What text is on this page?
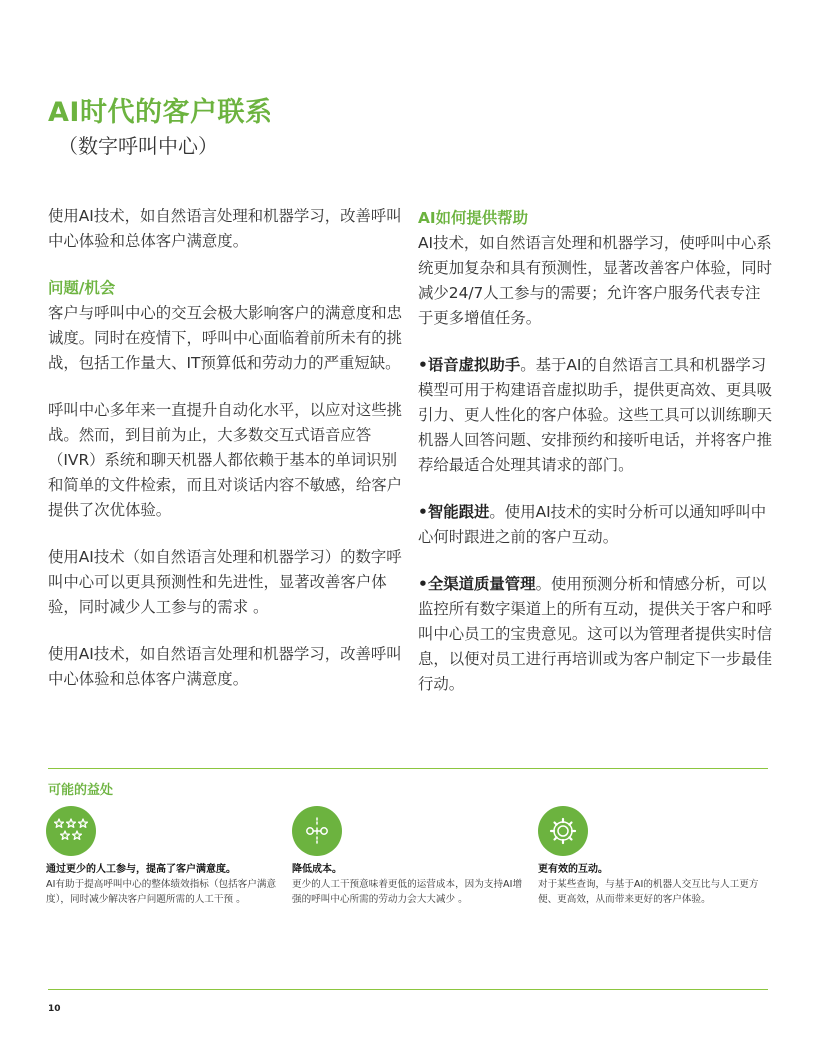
AI时代的客户联系

（数字呼叫中心）

使用AI技术，如自然语言处理和机器学习，改善呼叫中心体验和总体客户满意度。

问题/机会

客户与呼叫中心的交互会极大影响客户的满意度和忠诚度。同时在疫情下，呼叫中心面临着前所未有的挑战，包括工作量大、IT预算低和劳动力的严重短缺。

呼叫中心多年来一直提升自动化水平，以应对这些挑战。然而，到目前为止，大多数交互式语音应答（IVR）系统和聊天机器人都依赖于基本的单词识别和简单的文件检索，而且对谈话内容不敏感，给客户提供了次优体验。

使用AI技术（如自然语言处理和机器学习）的数字呼叫中心可以更具预测性和先进性，显著改善客户体验，同时减少人工参与的需求 。

使用AI技术，如自然语言处理和机器学习，改善呼叫中心体验和总体客户满意度。

AI如何提供帮助

AI技术，如自然语言处理和机器学习，使呼叫中心系统更加复杂和具有预测性，显著改善客户体验，同时减少24/7人工参与的需要；允许客户服务代表专注于更多增值任务。

•语音虚拟助手。基于AI的自然语言工具和机器学习模型可用于构建语音虚拟助手，提供更高效、更具吸引力、更人性化的客户体验。这些工具可以训练聊天机器人回答问题、安排预约和接听电话，并将客户推荐给最适合处理其请求的部门。

•智能跟进。使用AI技术的实时分析可以通知呼叫中心何时跟进之前的客户互动。

•全渠道质量管理。使用预测分析和情感分析，可以监控所有数字渠道上的所有互动，提供关于客户和呼叫中心员工的宝贵意见。这可以为管理者提供实时信息，以便对员工进行再培训或为客户制定下一步最佳行动。

可能的益处

通过更少的人工参与，提高了客户满意度。

AI有助于提高呼叫中心的整体绩效指标（包括客户满意度），同时减少解决客户问题所需的人工干预 。

降低成本。

更少的人工干预意味着更低的运营成本，因为支持AI增强的呼叫中心所需的劳动力会大大减少 。

更有效的互动。

对于某些查询，与基于AI的机器人交互比与人工更方便、更高效，从而带来更好的客户体验。

10
